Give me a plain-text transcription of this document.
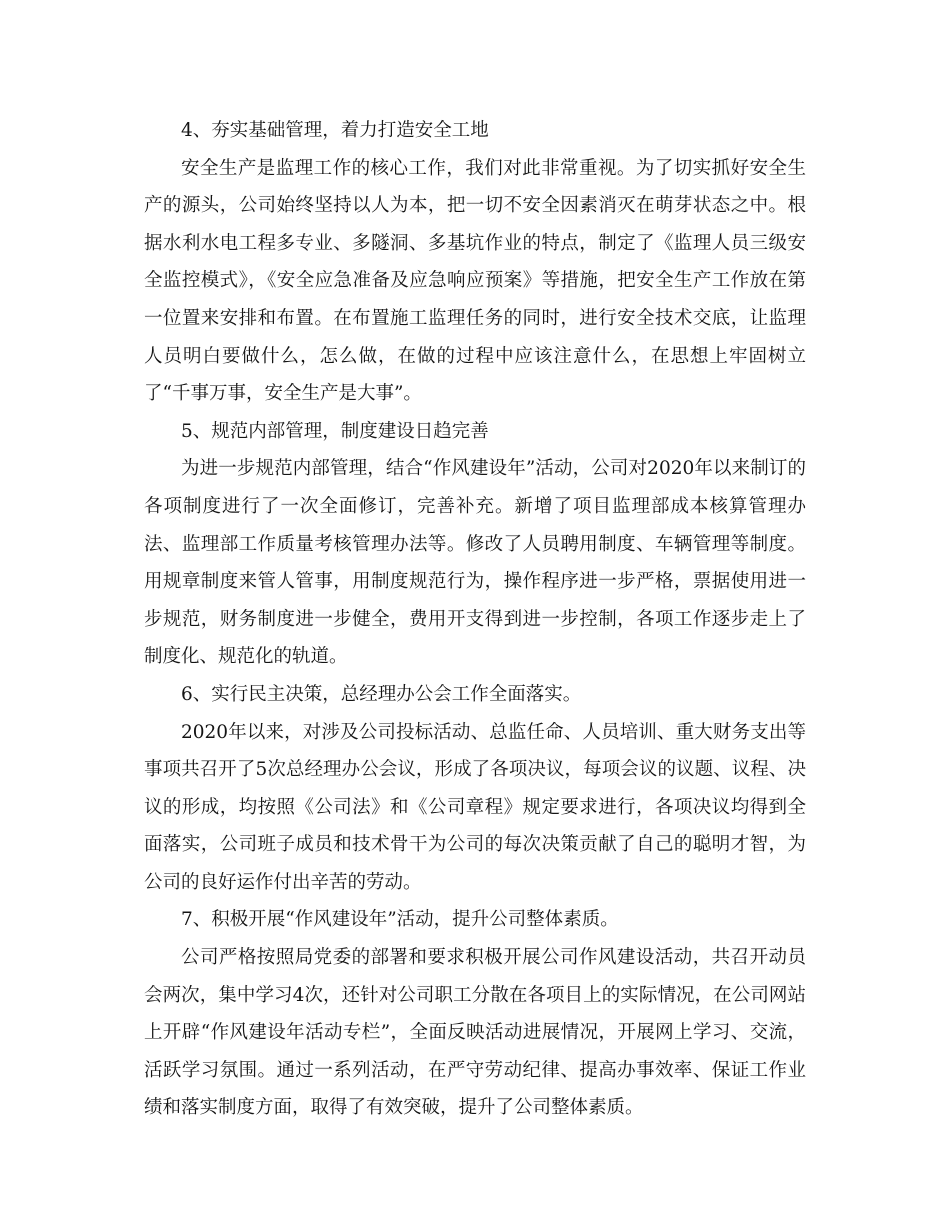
4、夯实基础管理，着力打造安全工地

安全生产是监理工作的核心工作，我们对此非常重视。为了切实抓好安全生产的源头，公司始终坚持以人为本，把一切不安全因素消灭在萌芽状态之中。根据水利水电工程多专业、多隧洞、多基坑作业的特点，制定了《监理人员三级安全监控模式》，《安全应急准备及应急响应预案》等措施，把安全生产工作放在第一位置来安排和布置。在布置施工监理任务的同时，进行安全技术交底，让监理人员明白要做什么，怎么做，在做的过程中应该注意什么，在思想上牢固树立了“千事万事，安全生产是大事”。

5、规范内部管理，制度建设日趋完善

为进一步规范内部管理，结合“作风建设年”活动，公司对2020年以来制订的各项制度进行了一次全面修订，完善补充。新增了项目监理部成本核算管理办法、监理部工作质量考核管理办法等。修改了人员聘用制度、车辆管理等制度。用规章制度来管人管事，用制度规范行为，操作程序进一步严格，票据使用进一步规范，财务制度进一步健全，费用开支得到进一步控制，各项工作逐步走上了制度化、规范化的轨道。

6、实行民主决策，总经理办公会工作全面落实。

2020年以来，对涉及公司投标活动、总监任命、人员培训、重大财务支出等事项共召开了5次总经理办公会议，形成了各项决议，每项会议的议题、议程、决议的形成，均按照《公司法》和《公司章程》规定要求进行，各项决议均得到全面落实，公司班子成员和技术骨干为公司的每次决策贡献了自己的聪明才智，为公司的良好运作付出辛苦的劳动。

7、积极开展“作风建设年”活动，提升公司整体素质。

公司严格按照局党委的部署和要求积极开展公司作风建设活动，共召开动员会两次，集中学习4次，还针对公司职工分散在各项目上的实际情况，在公司网站上开辟“作风建设年活动专栏”，全面反映活动进展情况，开展网上学习、交流，活跃学习氛围。通过一系列活动，在严守劳动纪律、提高办事效率、保证工作业绩和落实制度方面，取得了有效突破，提升了公司整体素质。
